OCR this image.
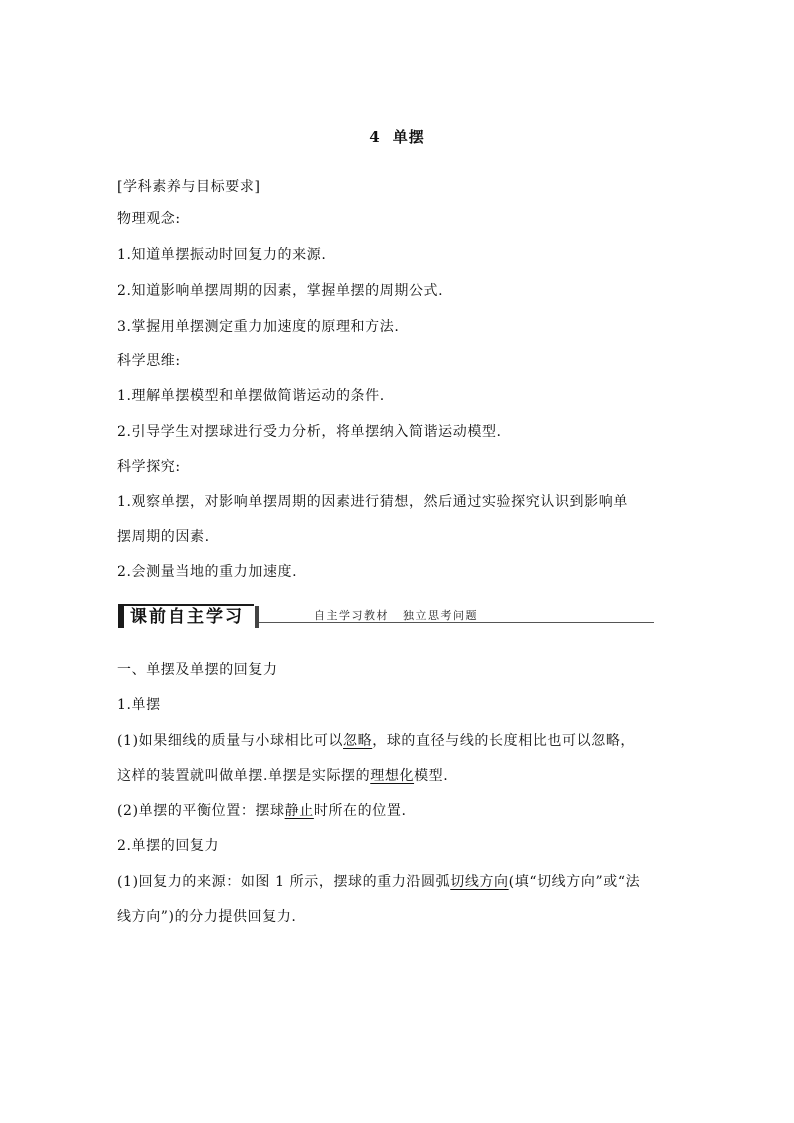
4 单摆
[学科素养与目标要求]
物理观念:
1.知道单摆振动时回复力的来源.
2.知道影响单摆周期的因素，掌握单摆的周期公式.
3.掌握用单摆测定重力加速度的原理和方法.
科学思维:
1.理解单摆模型和单摆做简谐运动的条件.
2.引导学生对摆球进行受力分析，将单摆纳入简谐运动模型.
科学探究:
1.观察单摆，对影响单摆周期的因素进行猜想，然后通过实验探究认识到影响单
摆周期的因素.
2.会测量当地的重力加速度.
课前自主学习	自主学习教材 独立思考问题
一、单摆及单摆的回复力
1.单摆
(1)如果细线的质量与小球相比可以忽略，球的直径与线的长度相比也可以忽略，
这样的装置就叫做单摆.单摆是实际摆的理想化模型.
(2)单摆的平衡位置：摆球静止时所在的位置.
2.单摆的回复力
(1)回复力的来源：如图 1 所示，摆球的重力沿圆弧切线方向(填“切线方向”或“法
线方向”)的分力提供回复力.
